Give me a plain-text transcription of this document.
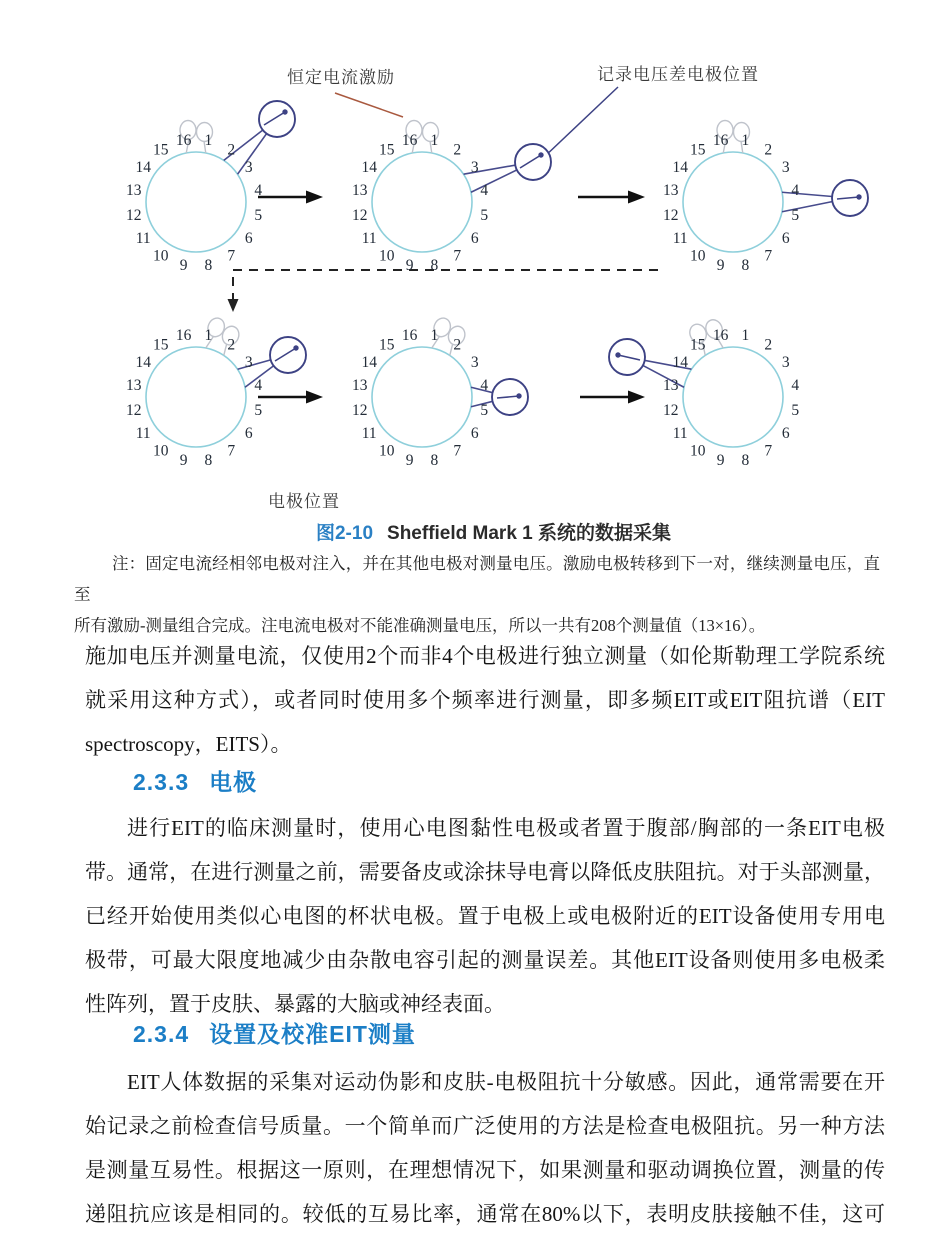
1
2
3
4
5
6
7
8
9
10
11
12
13
14
15
16	1
2
3
4
5
6
7
8
9
10
11
12
13
14
15
16	1
2
3
4
5
6
7
8
9
10
11
12
13
14
15
16
1
2
3
4
5
6
7
8
9
10
11
12
13
14
15
16	1
2
3
4
5
6
7
8
9
10
11
12
13
14
15
16	1
2
3
4
5
6
7
8
9
10
11
12
13
14
15
16
恒定电流激励	记录电压差电极位置
电极位置
图2-10 Sheffield Mark 1 系统的数据采集
注：固定电流经相邻电极对注入，并在其他电极对测量电压。激励电极转移到下一对，继续测量电压，直至
所有激励-测量组合完成。注电流电极对不能准确测量电压，所以一共有208个测量值（13×16）。
施加电压并测量电流，仅使用2个而非4个电极进行独立测量（如伦斯勒理工学院系统
就采用这种方式），或者同时使用多个频率进行测量，即多频EIT或EIT阻抗谱（EIT
spectroscopy，EITS）。
2.3.3 电极
进行EIT的临床测量时，使用心电图黏性电极或者置于腹部/胸部的一条EIT电极
带。通常，在进行测量之前，需要备皮或涂抹导电膏以降低皮肤阻抗。对于头部测量，
已经开始使用类似心电图的杯状电极。置于电极上或电极附近的EIT设备使用专用电
极带，可最大限度地减少由杂散电容引起的测量误差。其他EIT设备则使用多电极柔
性阵列，置于皮肤、暴露的大脑或神经表面。
2.3.4 设置及校准EIT测量
EIT人体数据的采集对运动伪影和皮肤-电极阻抗十分敏感。因此，通常需要在开
始记录之前检查信号质量。一个简单而广泛使用的方法是检查电极阻抗。另一种方法
是测量互易性。根据这一原则，在理想情况下，如果测量和驱动调换位置，测量的传
递阻抗应该是相同的。较低的互易比率，通常在80%以下，表明皮肤接触不佳，这可
